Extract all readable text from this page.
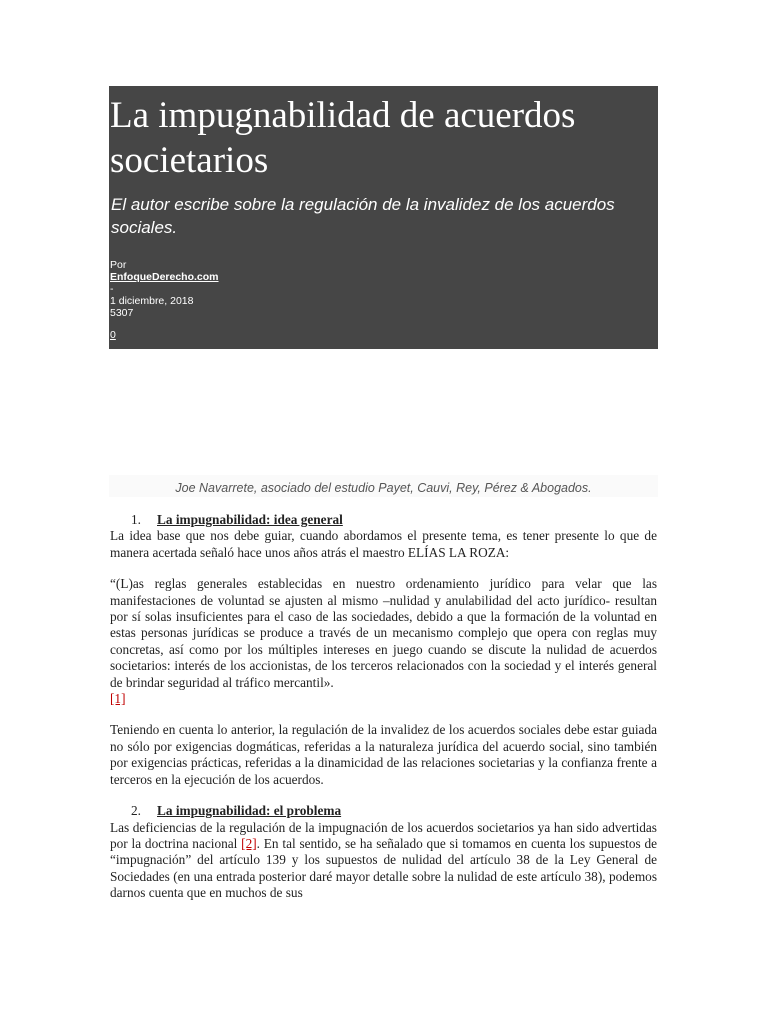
La impugnabilidad de acuerdos societarios
El autor escribe sobre la regulación de la invalidez de los acuerdos sociales.
Por
EnfoqueDerecho.com
-
1 diciembre, 2018
5307
0
Joe Navarrete, asociado del estudio Payet, Cauvi, Rey, Pérez & Abogados.

1. La impugnabilidad: idea general

La idea base que nos debe guiar, cuando abordamos el presente tema, es tener presente lo que de manera acertada señaló hace unos años atrás el maestro ELÍAS LA ROZA:

“(L)as reglas generales establecidas en nuestro ordenamiento jurídico para velar que las manifestaciones de voluntad se ajusten al mismo –nulidad y anulabilidad del acto jurídico- resultan por sí solas insuficientes para el caso de las sociedades, debido a que la formación de la voluntad en estas personas jurídicas se produce a través de un mecanismo complejo que opera con reglas muy concretas, así como por los múltiples intereses en juego cuando se discute la nulidad de acuerdos societarios: interés de los accionistas, de los terceros relacionados con la sociedad y el interés general de brindar seguridad al tráfico mercantil».

[1]

Teniendo en cuenta lo anterior, la regulación de la invalidez de los acuerdos sociales debe estar guiada no sólo por exigencias dogmáticas, referidas a la naturaleza jurídica del acuerdo social, sino también por exigencias prácticas, referidas a la dinamicidad de las relaciones societarias y la confianza frente a terceros en la ejecución de los acuerdos.

2. La impugnabilidad: el problema

Las deficiencias de la regulación de la impugnación de los acuerdos societarios ya han sido advertidas por la doctrina nacional [2]. En tal sentido, se ha señalado que si tomamos en cuenta los supuestos de “impugnación” del artículo 139 y los supuestos de nulidad del artículo 38 de la Ley General de Sociedades (en una entrada posterior daré mayor detalle sobre la nulidad de este artículo 38), podemos darnos cuenta que en muchos de sus
